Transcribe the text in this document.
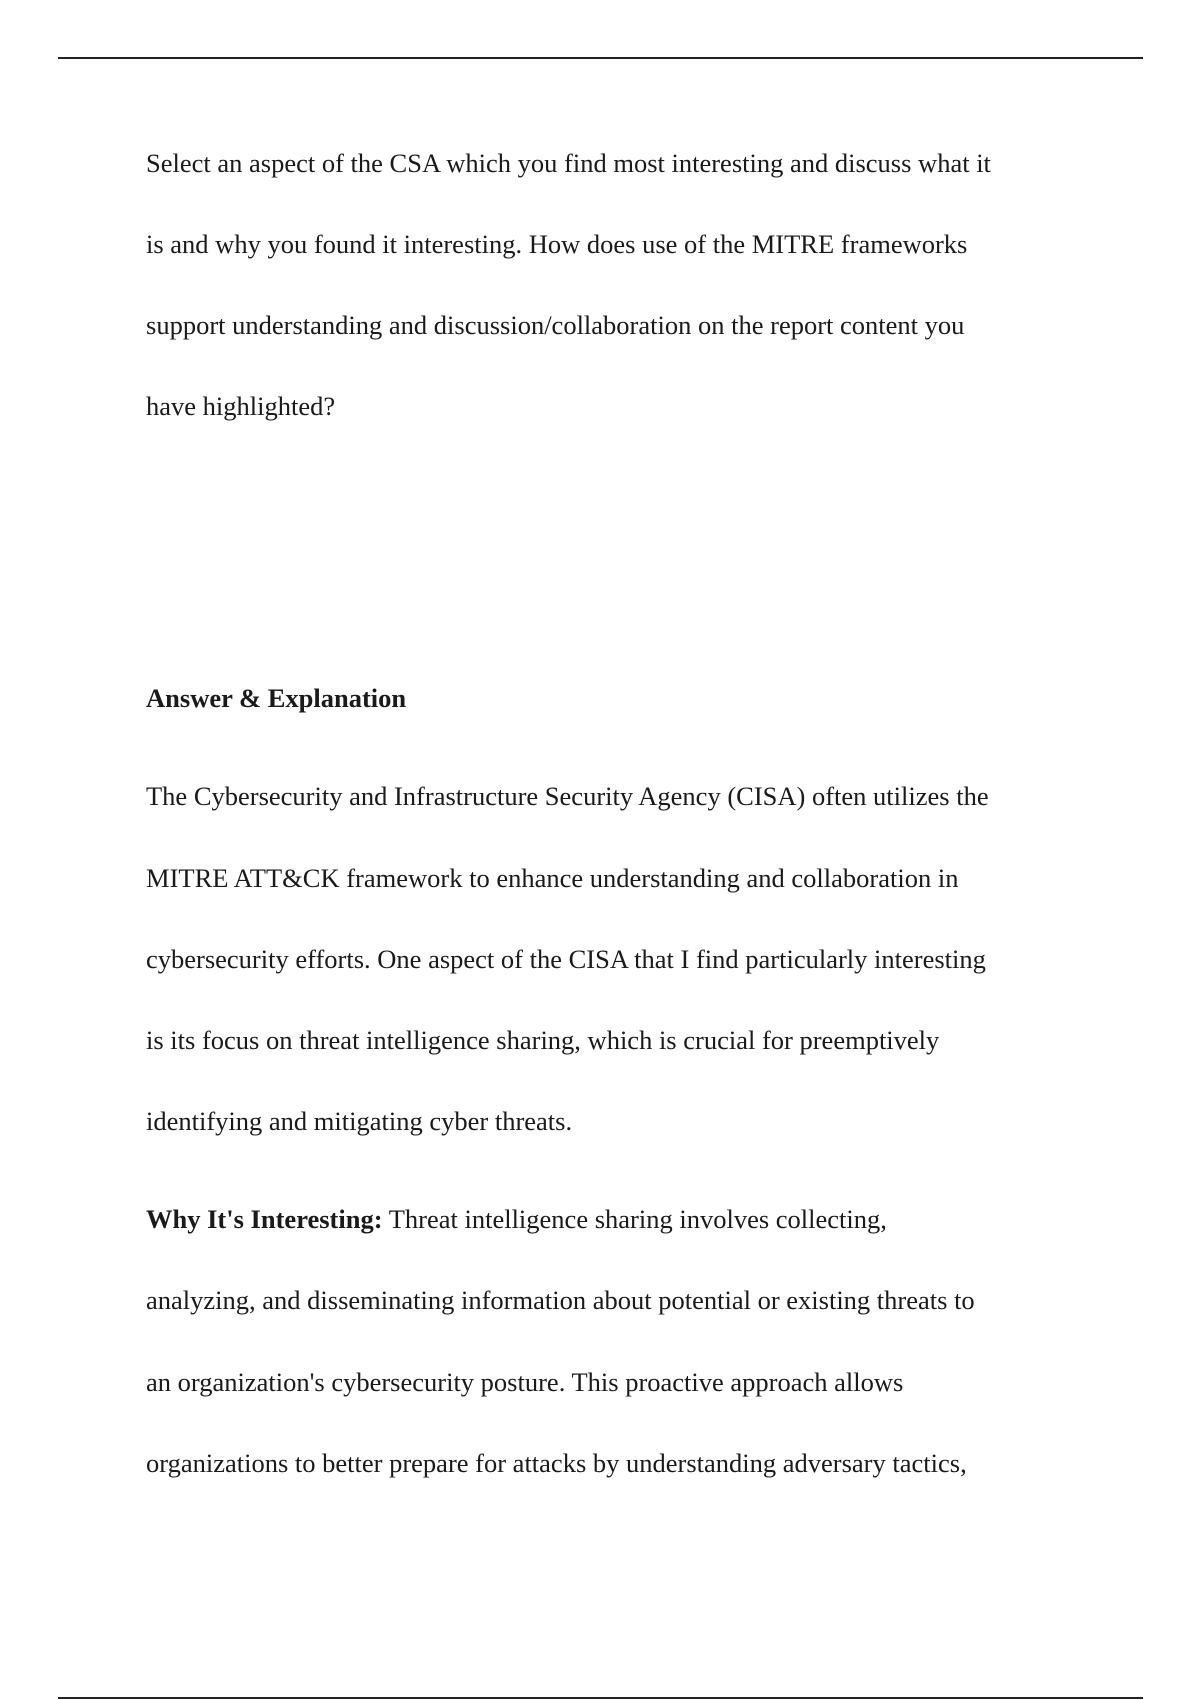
Select an aspect of the CSA which you find most interesting and discuss what it

is and why you found it interesting. How does use of the MITRE frameworks

support understanding and discussion/collaboration on the report content you

have highlighted?

Answer & Explanation

The Cybersecurity and Infrastructure Security Agency (CISA) often utilizes the

MITRE ATT&CK framework to enhance understanding and collaboration in

cybersecurity efforts. One aspect of the CISA that I find particularly interesting

is its focus on threat intelligence sharing, which is crucial for preemptively

identifying and mitigating cyber threats.

Why It's Interesting: Threat intelligence sharing involves collecting,

analyzing, and disseminating information about potential or existing threats to

an organization's cybersecurity posture. This proactive approach allows

organizations to better prepare for attacks by understanding adversary tactics,
